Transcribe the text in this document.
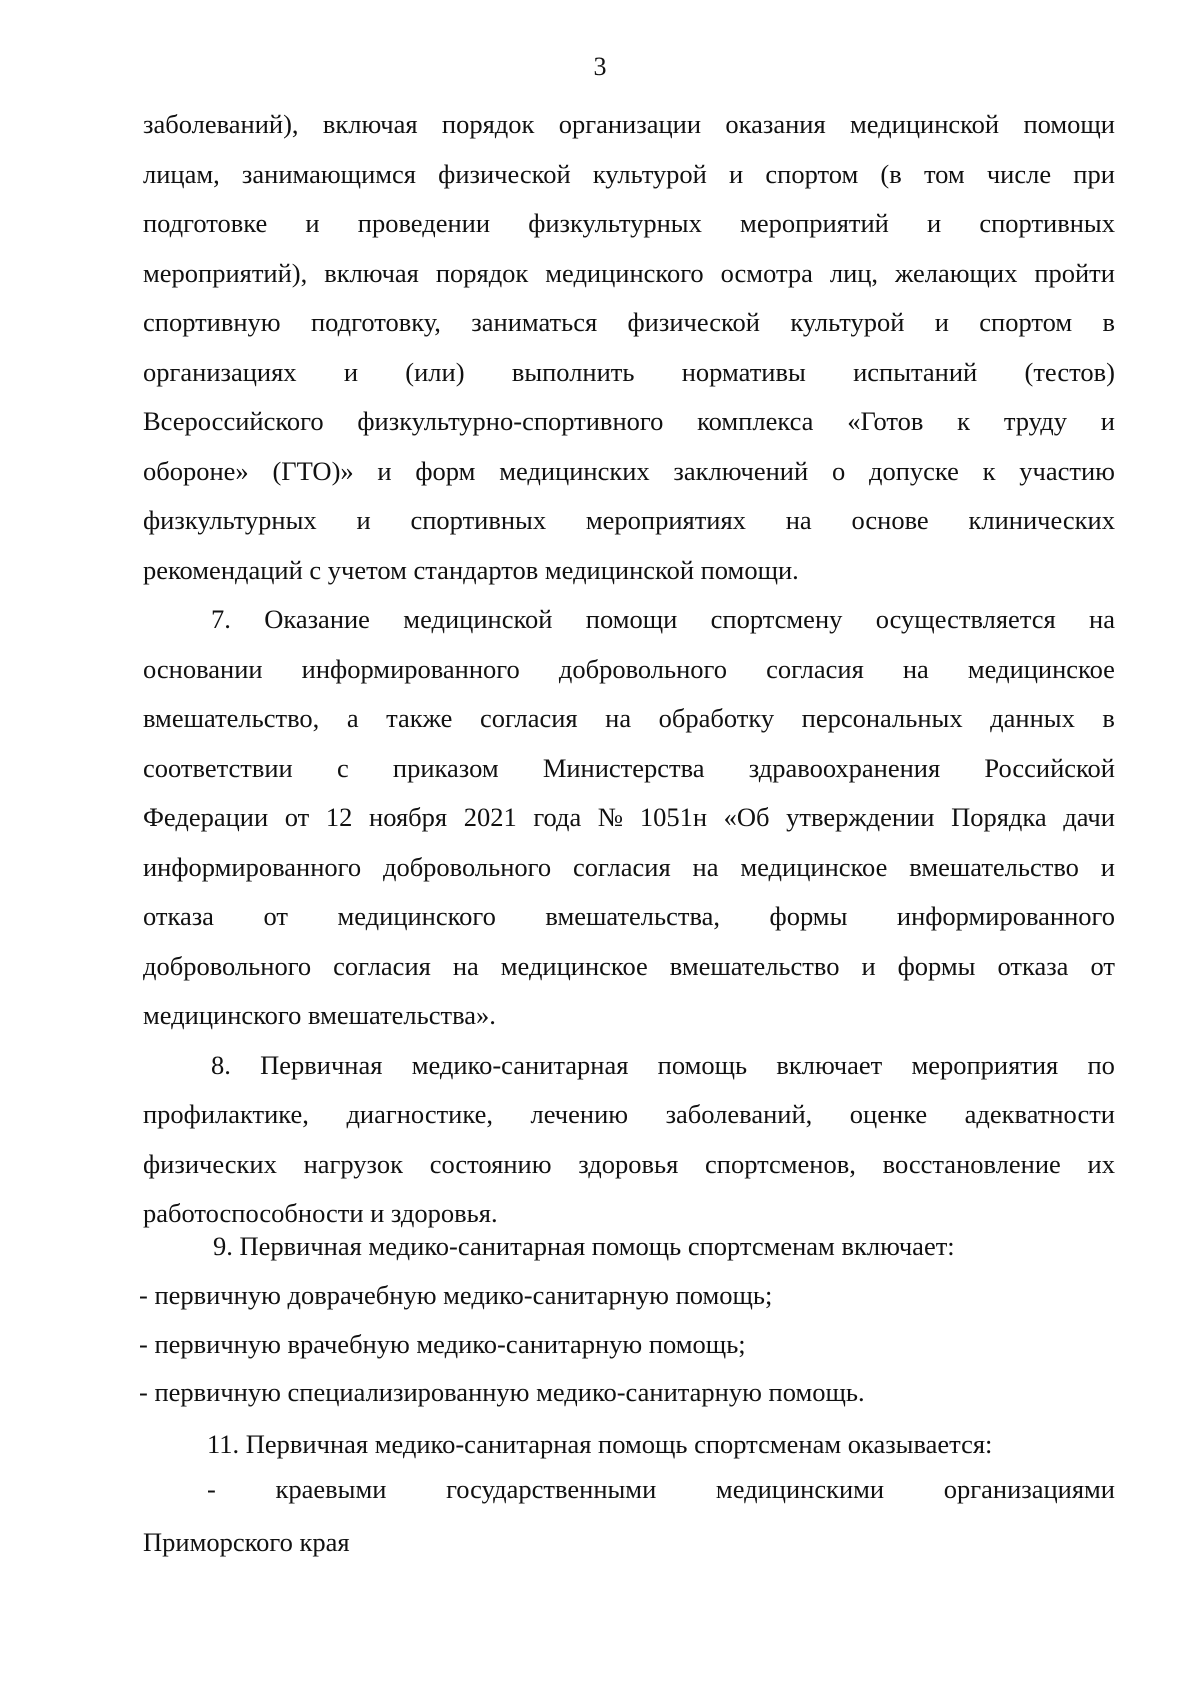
3
заболеваний), включая порядок организации оказания медицинской помощи
лицам, занимающимся физической культурой и спортом (в том числе при
подготовке и проведении физкультурных мероприятий и спортивных
мероприятий), включая порядок медицинского осмотра лиц, желающих пройти
спортивную подготовку, заниматься физической культурой и спортом в
организациях и (или) выполнить нормативы испытаний (тестов)
Всероссийского физкультурно-спортивного комплекса «Готов к труду и
обороне» (ГТО)» и форм медицинских заключений о допуске к участию
физкультурных и спортивных мероприятиях на основе клинических
рекомендаций с учетом стандартов медицинской помощи.
7. Оказание медицинской помощи спортсмену осуществляется на
основании информированного добровольного согласия на медицинское
вмешательство, а также согласия на обработку персональных данных в
соответствии с приказом Министерства здравоохранения Российской
Федерации от 12 ноября 2021 года № 1051н «Об утверждении Порядка дачи
информированного добровольного согласия на медицинское вмешательство и
отказа от медицинского вмешательства, формы информированного
добровольного согласия на медицинское вмешательство и формы отказа от
медицинского вмешательства».
8. Первичная медико-санитарная помощь включает мероприятия по
профилактике, диагностике, лечению заболеваний, оценке адекватности
физических нагрузок состоянию здоровья спортсменов, восстановление их
работоспособности и здоровья.
9. Первичная медико-санитарная помощь спортсменам включает:
- первичную доврачебную медико-санитарную помощь;
- первичную врачебную медико-санитарную помощь;
- первичную специализированную медико-санитарную помощь.
11. Первичная медико-санитарная помощь спортсменам оказывается:
- краевыми государственными медицинскими организациями
Приморского края
